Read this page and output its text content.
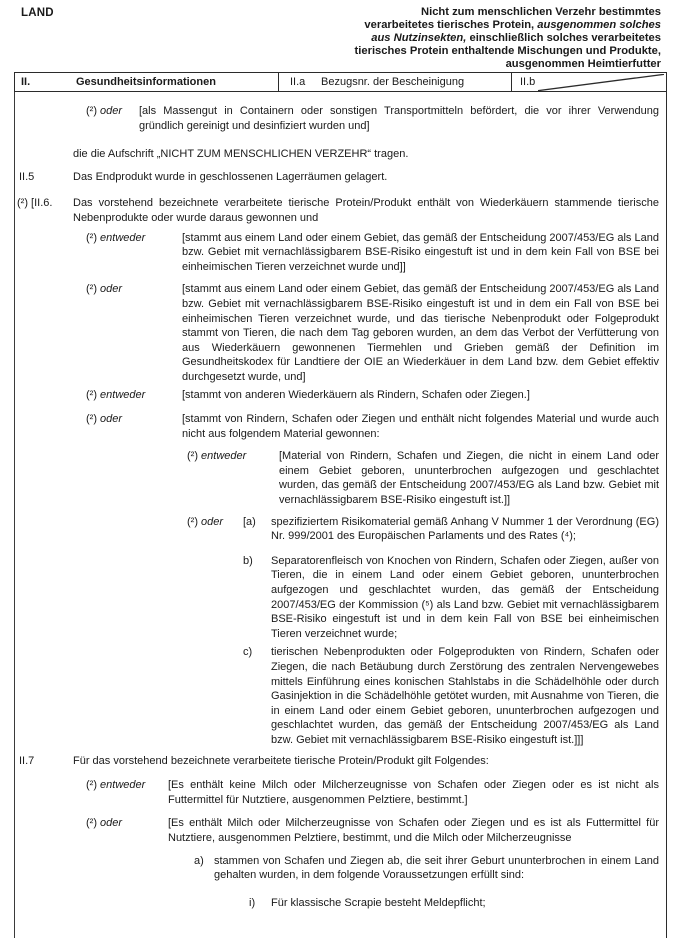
LAND	Nicht zum menschlichen Verzehr bestimmtes
verarbeitetes tierisches Protein, ausgenommen solches
aus Nutzinsekten, einschließlich solches verarbeitetes
tierisches Protein enthaltende Mischungen und Produkte,
ausgenommen Heimtierfutter
II.	Gesundheitsinformationen	II.a	Bezugsnr. der Bescheinigung	II.b
(²) oder	[als Massengut in Containern oder sonstigen Transportmitteln befördert, die vor ihrer Verwendung gründlich gereinigt und desinfiziert wurden und]
die die Aufschrift „NICHT ZUM MENSCHLICHEN VERZEHR“ tragen.
II.5	Das Endprodukt wurde in geschlossenen Lagerräumen gelagert.
(²) [II.6.	Das vorstehend bezeichnete verarbeitete tierische Protein/Produkt enthält von Wiederkäuern stammende tierische Nebenprodukte oder wurde daraus gewonnen und
(²) entweder	[stammt aus einem Land oder einem Gebiet, das gemäß der Entscheidung 2007/453/EG als Land bzw. Gebiet mit vernachlässigbarem BSE-Risiko eingestuft ist und in dem kein Fall von BSE bei einheimischen Tieren verzeichnet wurde und]]
(²) oder	[stammt aus einem Land oder einem Gebiet, das gemäß der Entscheidung 2007/453/EG als Land bzw. Gebiet mit vernachlässigbarem BSE-Risiko eingestuft ist und in dem ein Fall von BSE bei einheimischen Tieren verzeichnet wurde, und das tierische Nebenprodukt oder Folgeprodukt stammt von Tieren, die nach dem Tag geboren wurden, an dem das Verbot der Verfütterung von aus Wiederkäuern gewonnenen Tiermehlen und Grieben gemäß der Definition im Gesundheitskodex für Landtiere der OIE an Wiederkäuer in dem Land bzw. dem Gebiet effektiv durchgesetzt wurde, und]
(²) entweder	[stammt von anderen Wiederkäuern als Rindern, Schafen oder Ziegen.]
(²) oder	[stammt von Rindern, Schafen oder Ziegen und enthält nicht folgendes Material und wurde auch nicht aus folgendem Material gewonnen:
(²) entweder	[Material von Rindern, Schafen und Ziegen, die nicht in einem Land oder einem Gebiet geboren, ununterbrochen aufgezogen und geschlachtet wurden, das gemäß der Entscheidung 2007/453/EG als Land bzw. Gebiet mit vernachlässigbarem BSE-Risiko eingestuft ist.]]
(²) oder	[a)	spezifiziertem Risikomaterial gemäß Anhang V Nummer 1 der Verordnung (EG) Nr. 999/2001 des Europäischen Parlaments und des Rates (⁴);
b)	Separatorenfleisch von Knochen von Rindern, Schafen oder Ziegen, außer von Tieren, die in einem Land oder einem Gebiet geboren, ununterbrochen aufgezogen und geschlachtet wurden, das gemäß der Entscheidung 2007/453/EG der Kommission (⁵) als Land bzw. Gebiet mit vernachlässigbarem BSE-Risiko eingestuft ist und in dem kein Fall von BSE bei einheimischen Tieren verzeichnet wurde;
c)	tierischen Nebenprodukten oder Folgeprodukten von Rindern, Schafen oder Ziegen, die nach Betäubung durch Zerstörung des zentralen Nervengewebes mittels Einführung eines konischen Stahlstabs in die Schädelhöhle oder durch Gasinjektion in die Schädelhöhle getötet wurden, mit Ausnahme von Tieren, die in einem Land oder einem Gebiet geboren, ununterbrochen aufgezogen und geschlachtet wurden, das gemäß der Entscheidung 2007/453/EG als Land bzw. Gebiet mit vernachlässigbarem BSE-Risiko eingestuft ist.]]]
II.7	Für das vorstehend bezeichnete verarbeitete tierische Protein/Produkt gilt Folgendes:
(²) entweder	[Es enthält keine Milch oder Milcherzeugnisse von Schafen oder Ziegen oder es ist nicht als Futtermittel für Nutztiere, ausgenommen Pelztiere, bestimmt.]
(²) oder	[Es enthält Milch oder Milcherzeugnisse von Schafen oder Ziegen und es ist als Futtermittel für Nutztiere, ausgenommen Pelztiere, bestimmt, und die Milch oder Milcherzeugnisse
a) stammen von Schafen und Ziegen ab, die seit ihrer Geburt ununterbrochen in einem Land gehalten wurden, in dem folgende Voraussetzungen erfüllt sind:
i)	Für klassische Scrapie besteht Meldepflicht;
